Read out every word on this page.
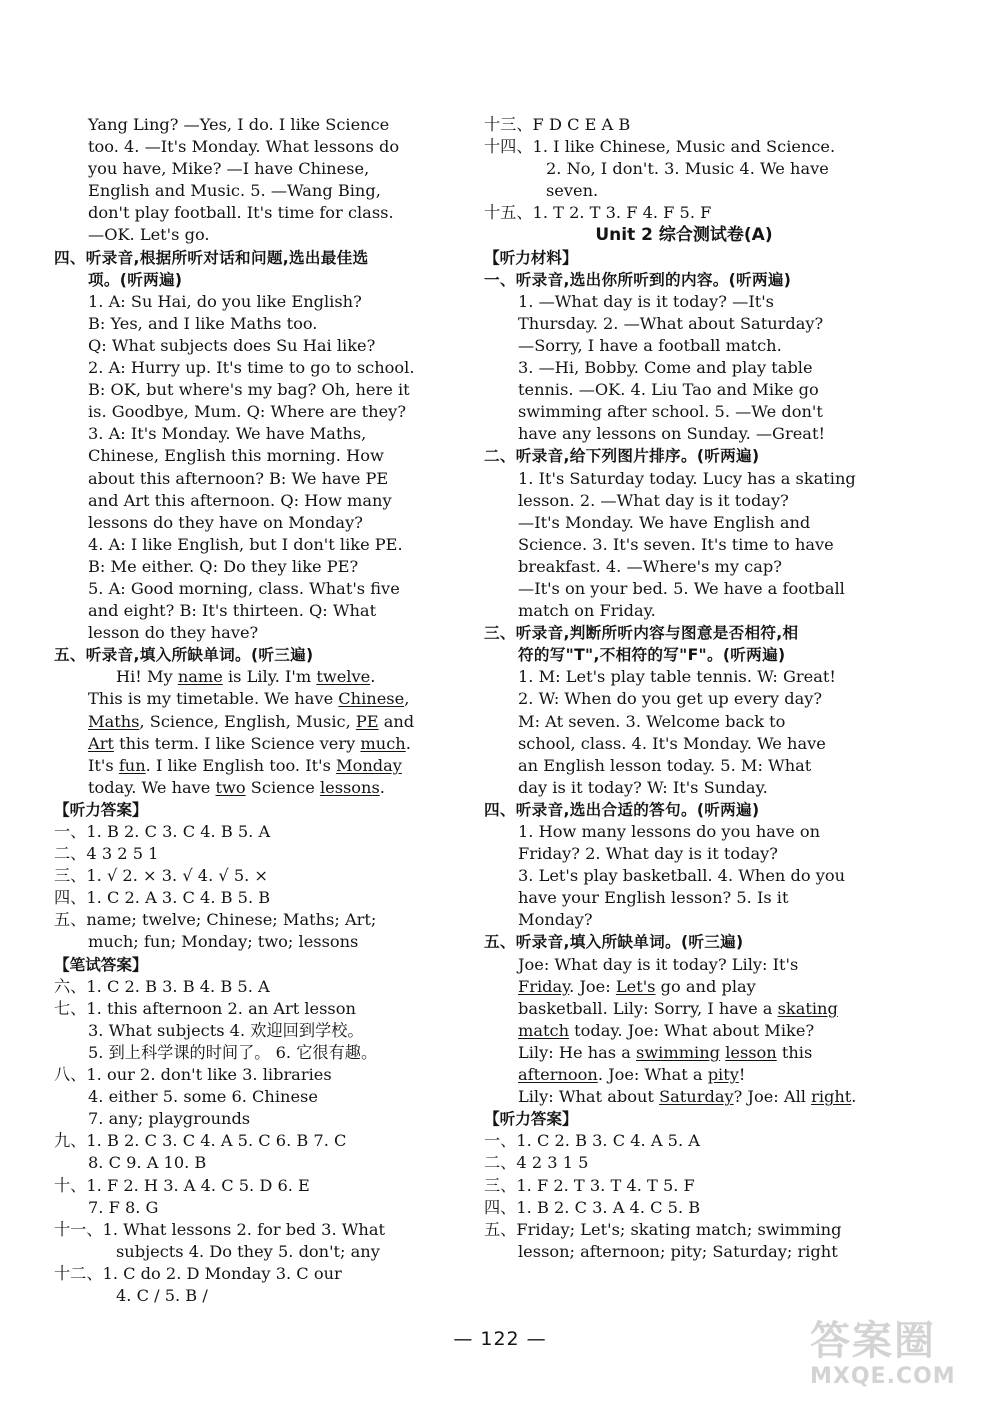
Yang Ling? —Yes, I do. I like Science
too. 4. —It's Monday. What lessons do
you have, Mike? —I have Chinese,
English and Music. 5. —Wang Bing,
don't play football. It's time for class.
—OK. Let's go.
四、听录音,根据所听对话和问题,选出最佳选
项。(听两遍)
1. A: Su Hai, do you like English?
B: Yes, and I like Maths too.
Q: What subjects does Su Hai like?
2. A: Hurry up. It's time to go to school.
B: OK, but where's my bag? Oh, here it
is. Goodbye, Mum. Q: Where are they?
3. A: It's Monday. We have Maths,
Chinese, English this morning. How
about this afternoon? B: We have PE
and Art this afternoon. Q: How many
lessons do they have on Monday?
4. A: I like English, but I don't like PE.
B: Me either. Q: Do they like PE?
5. A: Good morning, class. What's five
and eight? B: It's thirteen. Q: What
lesson do they have?
五、听录音,填入所缺单词。(听三遍)
Hi! My name is Lily. I'm twelve.
This is my timetable. We have Chinese,
Maths, Science, English, Music, PE and
Art this term. I like Science very much.
It's fun. I like English too. It's Monday
today. We have two Science lessons.
【听力答案】
一、1. B 2. C 3. C 4. B 5. A
二、4 3 2 5 1
三、1. √ 2. × 3. √ 4. √ 5. ×
四、1. C 2. A 3. C 4. B 5. B
五、name; twelve; Chinese; Maths; Art;
much; fun; Monday; two; lessons
【笔试答案】
六、1. C 2. B 3. B 4. B 5. A
七、1. this afternoon 2. an Art lesson
3. What subjects 4. 欢迎回到学校。
5. 到上科学课的时间了。 6. 它很有趣。
八、1. our 2. don't like 3. libraries
4. either 5. some 6. Chinese
7. any; playgrounds
九、1. B 2. C 3. C 4. A 5. C 6. B 7. C
8. C 9. A 10. B
十、1. F 2. H 3. A 4. C 5. D 6. E
7. F 8. G
十一、1. What lessons 2. for bed 3. What
subjects 4. Do they 5. don't; any
十二、1. C do 2. D Monday 3. C our
4. C / 5. B /
十三、F D C E A B
十四、1. I like Chinese, Music and Science.
2. No, I don't. 3. Music 4. We have
seven.
十五、1. T 2. T 3. F 4. F 5. F
Unit 2 综合测试卷(A)
【听力材料】
一、听录音,选出你所听到的内容。(听两遍)
1. —What day is it today? —It's
Thursday. 2. —What about Saturday?
—Sorry, I have a football match.
3. —Hi, Bobby. Come and play table
tennis. —OK. 4. Liu Tao and Mike go
swimming after school. 5. —We don't
have any lessons on Sunday. —Great!
二、听录音,给下列图片排序。(听两遍)
1. It's Saturday today. Lucy has a skating
lesson. 2. —What day is it today?
—It's Monday. We have English and
Science. 3. It's seven. It's time to have
breakfast. 4. —Where's my cap?
—It's on your bed. 5. We have a football
match on Friday.
三、听录音,判断所听内容与图意是否相符,相
符的写"T",不相符的写"F"。(听两遍)
1. M: Let's play table tennis. W: Great!
2. W: When do you get up every day?
M: At seven. 3. Welcome back to
school, class. 4. It's Monday. We have
an English lesson today. 5. M: What
day is it today? W: It's Sunday.
四、听录音,选出合适的答句。(听两遍)
1. How many lessons do you have on
Friday? 2. What day is it today?
3. Let's play basketball. 4. When do you
have your English lesson? 5. Is it
Monday?
五、听录音,填入所缺单词。(听三遍)
Joe: What day is it today? Lily: It's
Friday. Joe: Let's go and play
basketball. Lily: Sorry, I have a skating
match today. Joe: What about Mike?
Lily: He has a swimming lesson this
afternoon. Joe: What a pity!
Lily: What about Saturday? Joe: All right.
【听力答案】
一、1. C 2. B 3. C 4. A 5. A
二、4 2 3 1 5
三、1. F 2. T 3. T 4. T 5. F
四、1. B 2. C 3. A 4. C 5. B
五、Friday; Let's; skating match; swimming
lesson; afternoon; pity; Saturday; right
— 122 —	答案圈
MXQE.COM
